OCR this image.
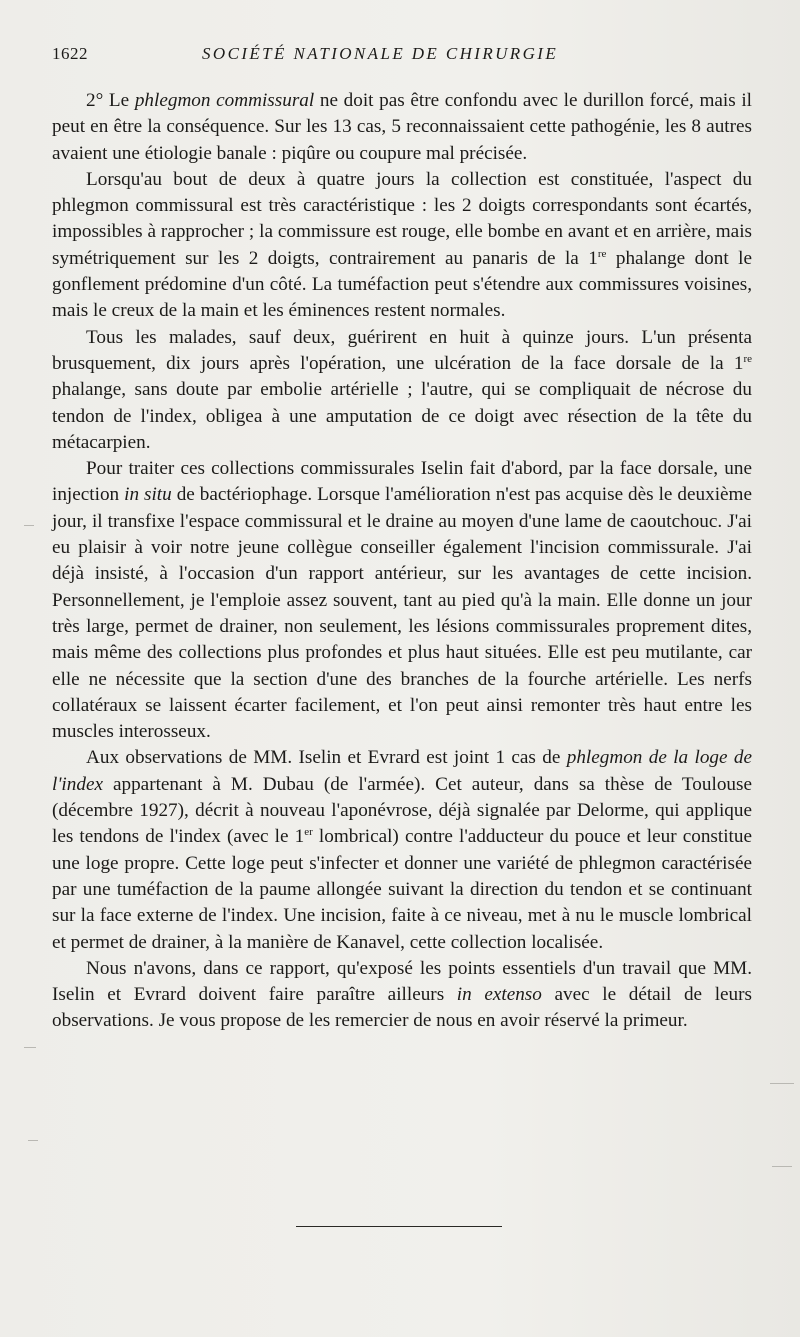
1622	SOCIÉTÉ NATIONALE DE CHIRURGIE

2° Le phlegmon commissural ne doit pas être confondu avec le durillon forcé, mais il peut en être la conséquence. Sur les 13 cas, 5 reconnaissaient cette pathogénie, les 8 autres avaient une étiologie banale : piqûre ou coupure mal précisée.

Lorsqu'au bout de deux à quatre jours la collection est constituée, l'aspect du phlegmon commissural est très caractéristique : les 2 doigts correspondants sont écartés, impossibles à rapprocher ; la commissure est rouge, elle bombe en avant et en arrière, mais symétriquement sur les 2 doigts, contrairement au panaris de la 1re phalange dont le gonflement prédomine d'un côté. La tuméfaction peut s'étendre aux commissures voisines, mais le creux de la main et les éminences restent normales.

Tous les malades, sauf deux, guérirent en huit à quinze jours. L'un présenta brusquement, dix jours après l'opération, une ulcération de la face dorsale de la 1re phalange, sans doute par embolie artérielle ; l'autre, qui se compliquait de nécrose du tendon de l'index, obligea à une amputation de ce doigt avec résection de la tête du métacarpien.

Pour traiter ces collections commissurales Iselin fait d'abord, par la face dorsale, une injection in situ de bactériophage. Lorsque l'amélioration n'est pas acquise dès le deuxième jour, il transfixe l'espace commissural et le draine au moyen d'une lame de caoutchouc. J'ai eu plaisir à voir notre jeune collègue conseiller également l'incision commissurale. J'ai déjà insisté, à l'occasion d'un rapport antérieur, sur les avantages de cette incision. Personnellement, je l'emploie assez souvent, tant au pied qu'à la main. Elle donne un jour très large, permet de drainer, non seulement, les lésions commissurales proprement dites, mais même des collections plus profondes et plus haut situées. Elle est peu mutilante, car elle ne nécessite que la section d'une des branches de la fourche artérielle. Les nerfs collatéraux se laissent écarter facilement, et l'on peut ainsi remonter très haut entre les muscles interosseux.

Aux observations de MM. Iselin et Evrard est joint 1 cas de phlegmon de la loge de l'index appartenant à M. Dubau (de l'armée). Cet auteur, dans sa thèse de Toulouse (décembre 1927), décrit à nouveau l'aponévrose, déjà signalée par Delorme, qui applique les tendons de l'index (avec le 1er lombrical) contre l'adducteur du pouce et leur constitue une loge propre. Cette loge peut s'infecter et donner une variété de phlegmon caractérisée par une tuméfaction de la paume allongée suivant la direction du tendon et se continuant sur la face externe de l'index. Une incision, faite à ce niveau, met à nu le muscle lombrical et permet de drainer, à la manière de Kanavel, cette collection localisée.

Nous n'avons, dans ce rapport, qu'exposé les points essentiels d'un travail que MM. Iselin et Evrard doivent faire paraître ailleurs in extenso avec le détail de leurs observations. Je vous propose de les remercier de nous en avoir réservé la primeur.
